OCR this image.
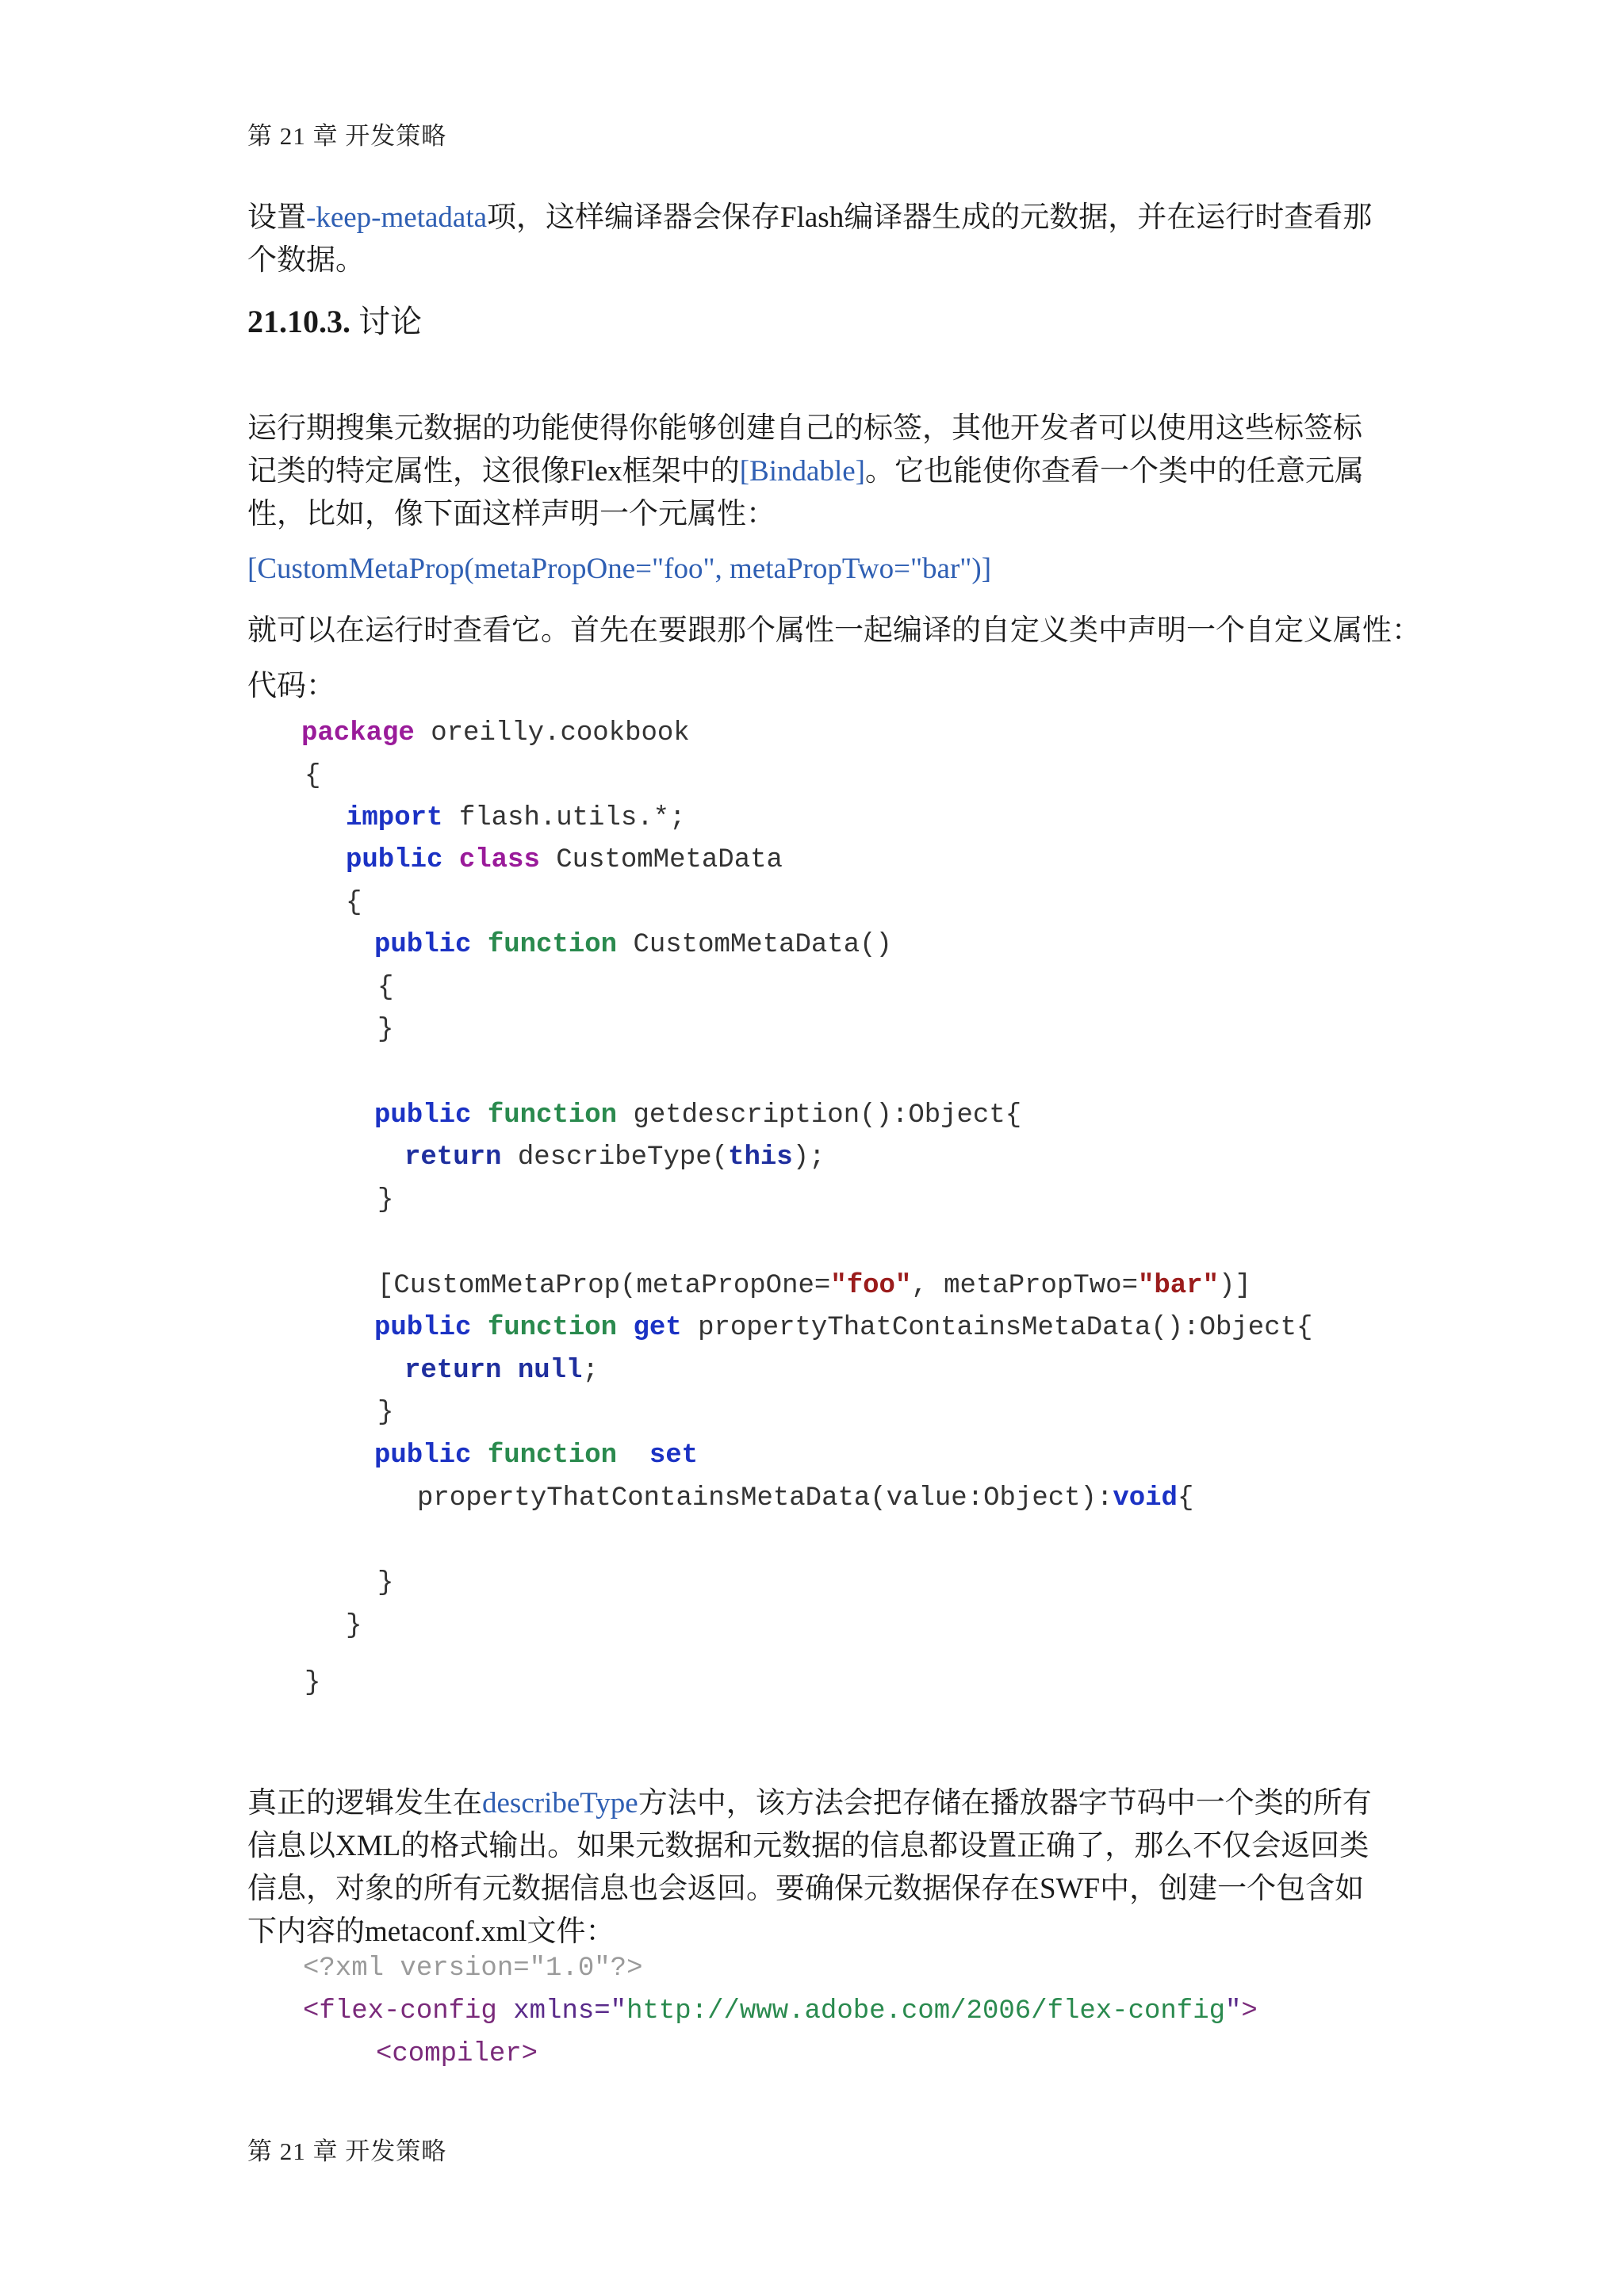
第 21 章 开发策略

设置-keep-metadata项，这样编译器会保存Flash编译器生成的元数据，并在运行时查看那个数据。

21.10.3. 讨论

运行期搜集元数据的功能使得你能够创建自己的标签，其他开发者可以使用这些标签标记类的特定属性，这很像Flex框架中的[Bindable]。它也能使你查看一个类中的任意元属性，比如，像下面这样声明一个元属性：

[CustomMetaProp(metaPropOne="foo", metaPropTwo="bar")]
就可以在运行时查看它。首先在要跟那个属性一起编译的自定义类中声明一个自定义属性：
代码：
package oreilly.cookbook
{
import flash.utils.*;
public class CustomMetaData
{
public function CustomMetaData()
{
}
public function getdescription():Object{
return describeType(this);
}
[CustomMetaProp(metaPropOne="foo", metaPropTwo="bar")]
public function get propertyThatContainsMetaData():Object{
return null;
}
public function set
propertyThatContainsMetaData(value:Object):void{
}
}
}

真正的逻辑发生在describeType方法中，该方法会把存储在播放器字节码中一个类的所有信息以XML的格式输出。如果元数据和元数据的信息都设置正确了，那么不仅会返回类信息，对象的所有元数据信息也会返回。要确保元数据保存在SWF中，创建一个包含如下内容的metaconf.xml文件：

<?xml version="1.0"?>
<flex-config xmlns="http://www.adobe.com/2006/flex-config">
<compiler>
第 21 章 开发策略
